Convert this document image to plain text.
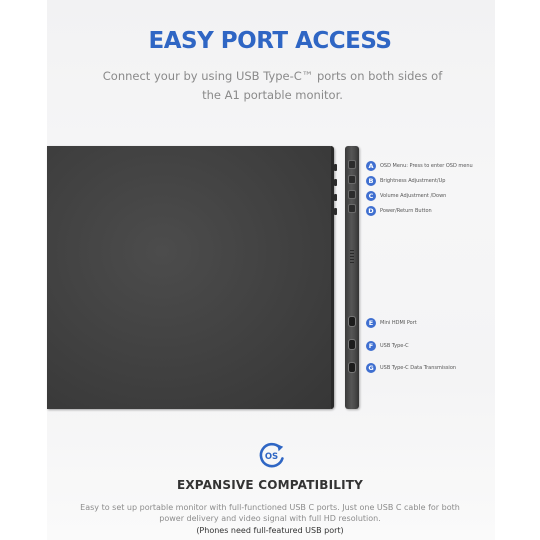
EASY PORT ACCESS

Connect your by using USB Type-C™ ports on both sides of the A1 portable monitor.

A	OSD Menu: Press to enter OSD menu
B	Brightness Adjustment/Up
C	Volume Adjustment /Down
D	Power/Return Button
E	Mini HDMI Port
F	USB Type-C
G	USB Type-C Data Transmission
OS
EXPANSIVE COMPATIBILITY

Easy to set up portable monitor with full-functioned USB C ports. Just one USB C cable for both power delivery and video signal with full HD resolution.

(Phones need full-featured USB port)
